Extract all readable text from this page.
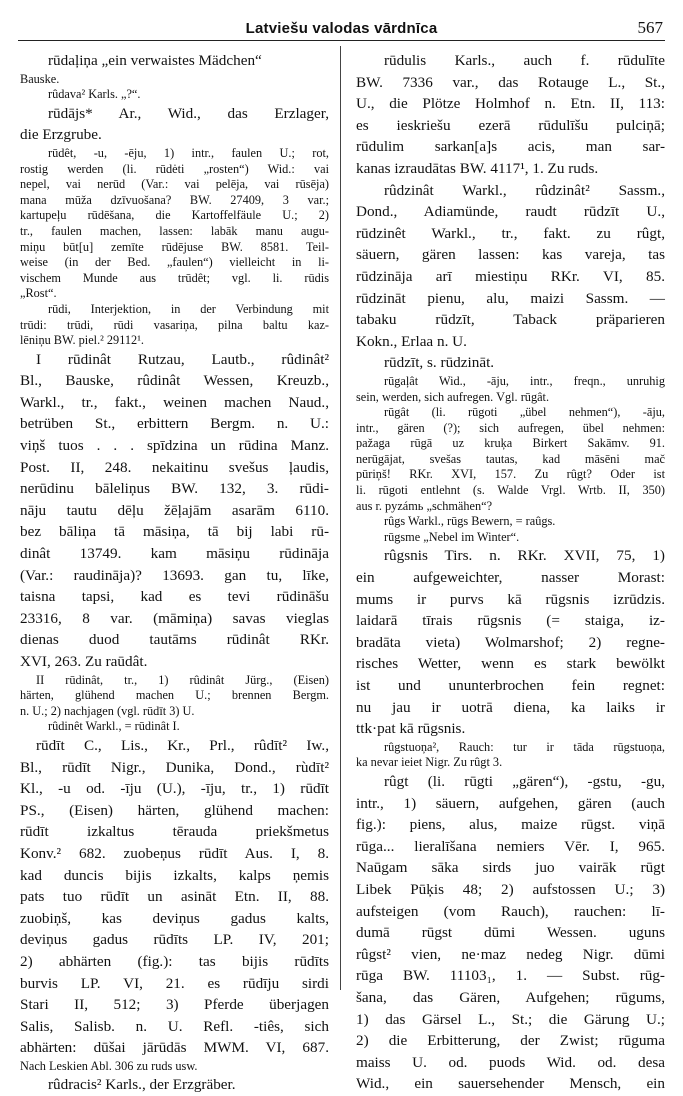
Latviešu valodas vārdnīca	567
rūdaļiņa „ein verwaistes Mädchen“
Bauske.
rûdava² Karls. „?“.
rūdājs* Ar., Wid., das Erzlager,
die Erzgrube.
rūdêt, -u, -ēju, 1) intr., faulen U.; rot,
rostig werden (li. rūdėti „rosten“) Wid.: vai
nepel, vai nerūd (Var.: vai pelēja, vai rūsēja)
mana mūža dzīvuošana? BW. 27409, 3 var.;
kartupeļu rūdēšana, die Kartoffelfäule U.; 2)
tr., faulen machen, lassen: labāk manu augu-
miņu būt[u] zemīte rūdējuse BW. 8581. Teil-
weise (in der Bed. „faulen“) vielleicht in li-
vischem Munde aus trūdêt; vgl. li. rūdis
„Rost“.
rūdi, Interjektion, in der Verbindung mit
trūdi: trūdi, rūdi vasariņa, pilna baltu kaz-
lēniņu BW. piel.² 29112¹.
I rūdinât Rutzau, Lautb., rûdinât²
Bl., Bauske, rûdinât Wessen, Kreuzb.,
Warkl., tr., fakt., weinen machen Naud.,
betrüben St., erbittern Bergm. n. U.:
viņš tuos . . . spīdzina un rūdina Manz.
Post. II, 248. nekaitinu svešus ļaudis,
nerūdinu bāleliņus BW. 132, 3. rūdi-
nāju tautu dēļu žēļajām asarām 6110.
bez bāliņa tā māsiņa, tā bij labi rū-
dinât 13749. kam māsiņu rūdināja
(Var.: raudināja)? 13693. gan tu, līke,
taisna tapsi, kad es tevi rūdināšu
23316, 8 var. (māmiņa) savas vieglas
dienas duod tautāms rūdinât RKr.
XVI, 263. Zu raūdât.
II rūdinât, tr., 1) rûdinât Jürg., (Eisen)
härten, glühend machen U.; brennen Bergm.
n. U.; 2) nachjagen (vgl. rūdīt 3) U.
rûdinêt Warkl., = rūdinât I.
rūdīt C., Lis., Kr., Prl., rûdīt² Iw.,
Bl., rūdīt Nigr., Dunika, Dond., rùdīt²
Kl., -u od. -īju (U.), -īju, tr., 1) rūdīt
PS., (Eisen) härten, glühend machen:
rūdīt izkaltus tērauda priekšmetus
Konv.² 682. zuobeņus rūdīt Aus. I, 8.
kad duncis bijis izkalts, kalps ņemis
pats tuo rūdīt un asināt Etn. II, 88.
zuobiņš, kas deviņus gadus kalts,
deviņus gadus rūdīts LP. IV, 201;
2) abhärten (fig.): tas bijis rūdīts
burvis LP. VI, 21. es rūdīju sirdi
Stari II, 512; 3) Pferde überjagen
Salis, Salisb. n. U. Refl. -tiês, sich
abhärten: dūšai jārūdās MWM. VI, 687.
Nach Leskien Abl. 306 zu ruds usw.
rûdracis² Karls., der Erzgräber.
rūdulis Karls., auch f. rūdulīte
BW. 7336 var., das Rotauge L., St.,
U., die Plötze Holmhof n. Etn. II, 113:
es ieskriešu ezerā rūdulīšu pulciņā;
rūdulim sarkan[a]s acis, man sar-
kanas izraudātas BW. 4117¹, 1. Zu ruds.
rûdzinât Warkl., rûdzinât² Sassm.,
Dond., Adiamünde, raudt rūdzīt U.,
rūdzinêt Warkl., tr., fakt. zu rûgt,
säuern, gären lassen: kas vareja, tas
rūdzināja arī miestiņu RKr. VI, 85.
rūdzināt pienu, alu, maizi Sassm. —
tabaku rūdzīt, Taback präparieren
Kokn., Erlaa n. U.
rūdzīt, s. rūdzināt.
rūgaļât Wid., -āju, intr., freqn., unruhig
sein, werden, sich aufregen. Vgl. rūgât.
rūgât (li. rūgoti „übel nehmen“), -āju,
intr., gären (?); sich aufregen, übel nehmen:
pažaga rūgā uz kruķa Birkert Sakāmv. 91.
nerūgājat, svešas tautas, kad māsēni mač
pūriņš! RKr. XVI, 157. Zu rûgt? Oder ist
li. rūgoti entlehnt (s. Walde Vrgl. Wrtb. II, 350)
aus r. pyzámь „schmähen“?
rûgs Warkl., rūgs Bewern, = raûgs.
rūgsme „Nebel im Winter“.
rûgsnis Tirs. n. RKr. XVII, 75, 1)
ein aufgeweichter, nasser Morast:
mums ir purvs kā rūgsnis izrūdzis.
laidarā tīrais rūgsnis (= staiga, iz-
bradāta vieta) Wolmarshof; 2) regne-
risches Wetter, wenn es stark bewölkt
ist und ununterbrochen fein regnet:
nu jau ir uotrā diena, ka laiks ir
ttk·pat kā rūgsnis.
rûgstuoņa², Rauch: tur ir tāda rūgstuoņa,
ka nevar ieiet Nigr. Zu rûgt 3.
rûgt (li. rūgti „gären“), -gstu, -gu,
intr., 1) säuern, aufgehen, gären (auch
fig.): piens, alus, maize rūgst. viņā
rūga... lieralīšana nemiers Vēr. I, 965.
Naūgam sāka sirds juo vairāk rūgt
Libek Pūķis 48; 2) aufstossen U.; 3)
aufsteigen (vom Rauch), rauchen: lī-
dumā rūgst dūmi Wessen. uguns
rûgst² vien, ne·maz nedeg Nigr. dūmi
rūga BW. 11103₁, 1. — Subst. rūg-
šana, das Gären, Aufgehen; rūgums,
1) das Gärsel L., St.; die Gärung U.;
2) die Erbitterung, der Zwist; rūguma
maiss U. od. puods Wid. od. desa
Wid., ein sauersehender Mensch, ein
